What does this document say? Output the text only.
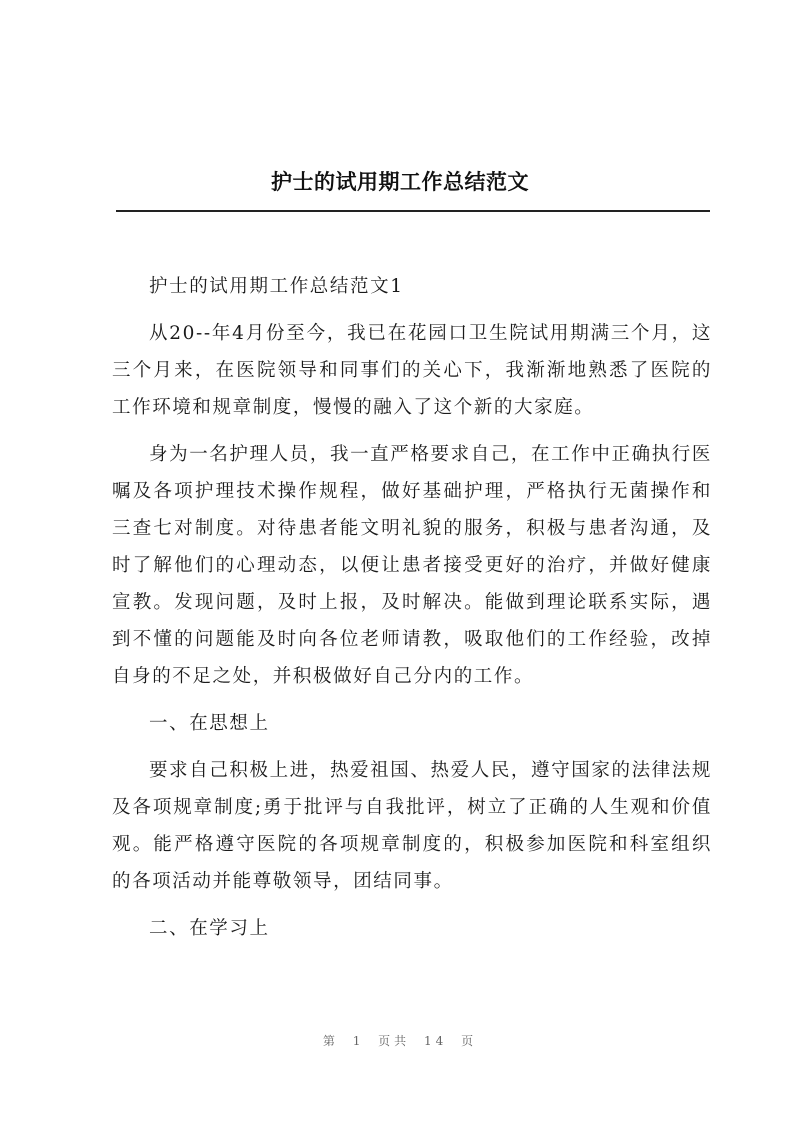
护士的试用期工作总结范文

护士的试用期工作总结范文1

从20--年4月份至今，我已在花园口卫生院试用期满三个月，这三个月来，在医院领导和同事们的关心下，我渐渐地熟悉了医院的工作环境和规章制度，慢慢的融入了这个新的大家庭。

身为一名护理人员，我一直严格要求自己，在工作中正确执行医嘱及各项护理技术操作规程，做好基础护理，严格执行无菌操作和三查七对制度。对待患者能文明礼貌的服务，积极与患者沟通，及时了解他们的心理动态，以便让患者接受更好的治疗，并做好健康宣教。发现问题，及时上报，及时解决。能做到理论联系实际，遇到不懂的问题能及时向各位老师请教，吸取他们的工作经验，改掉自身的不足之处，并积极做好自己分内的工作。

一、在思想上

要求自己积极上进，热爱祖国、热爱人民，遵守国家的法律法规及各项规章制度;勇于批评与自我批评，树立了正确的人生观和价值观。能严格遵守医院的各项规章制度的，积极参加医院和科室组织的各项活动并能尊敬领导，团结同事。

二、在学习上

第 1 页共 14 页
